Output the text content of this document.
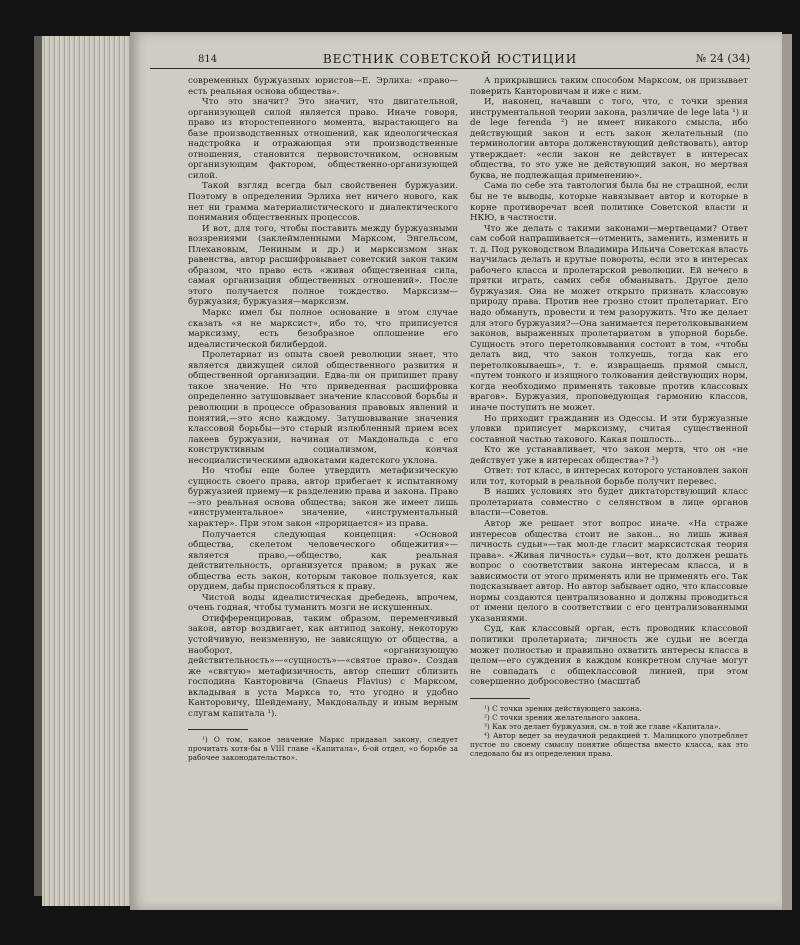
814	ВЕСТНИК СОВЕТСКОЙ ЮСТИЦИИ	№ 24 (34)

современных буржуазных юристов—Е. Эрлиха: «право—есть реальная основа общества».

Что это значит? Это значит, что двигательной, организующей силой является право. Иначе говоря, право из второстепенного момента, вырастающего на базе производственных отношений, как идеологическая надстройка и отражающая эти производственные отношения, становится первоисточником, основным организующим фактором, общественно-организующей силой.

Такой взгляд всегда был свойственен буржуазии. Поэтому в определении Эрлиха нет ничего нового, как нет ни грамма материалистического и диалектического понимания общественных процессов.

И вот, для того, чтобы поставить между буржуазными воззрениями (заклеймленными Марксом, Энгельсом, Плехановым, Лениным и др.) и марксизмом знак равенства, автор расшифровывает советский закон таким образом, что право есть «живая общественная сила, самая организация общественных отношений». После этого получается полное тождество. Марксизм—буржуазия; буржуазия—марксизм.

Маркс имел бы полное основание в этом случае сказать «я не марксист», ибо то, что приписуется марксизму, есть безобразное оплошение его идеалистической билибердой.

Пролетариат из опыта своей революции знает, что является движущей силой общественного развития и общественной организации. Едва-ли он припишет праву такое значение. Но что приведенная расшифровка определенно затушовывает значение классовой борьбы и революции в процессе образования правовых явлений и понятий,—это ясно каждому. Затушовывание значения классовой борьбы—это старый излюбленный прием всех лакеев буржуазии, начиная от Макдональда с его конструктивным социализмом, кончая несоциалистическими адвокатами кадетского уклона.

Но чтобы еще более утвердить метафизическую сущность своего права, автор прибегает к испытанному буржуазией приему—к разделению права и закона. Право—это реальная основа общества; закон же имеет лишь «инструментальное» значение, «инструментальный характер». При этом закон «прорицается» из права.

Получается следующая концепция: «Основой общества, скелетом человеческого общежития»—является право,—общество, как реальная действительность, организуется правом; в руках же общества есть закон, которым таковое пользуется, как орудием, дабы приспособляться к праву.

Чистой воды идеалистическая дребедень, впрочем, очень годная, чтобы туманить мозги не искушенных.

Отифференцировав, таким образом, переменчивый закон, автор воздвигает, как антипод закону, некоторую устойчивую, неизменную, не зависящую от общества, а наоборот, «организующую действительность»—«сущность»—«святое право». Создав же «святую» метафизичность, автор спешит сблизить господина Канторовича (Gnaeus Flavius) с Марксом, вкладывая в уста Маркса то, что угодно и удобно Канторовичу, Шейдеману, Макдональду и иным верным слугам капитала ¹).

¹) О том, какое значение Маркс придавал закону, следует прочитать хотя-бы в VIII главе «Капитала», 6-ой отдел, «о борьбе за рабочее законодательство».

А прикрывшись таким способом Марксом, он призывает поверить Канторовичам и иже с ним.

И, наконец, начавши с того, что, с точки зрения инструментальной теории закона, различие de lege lata ¹) и de lege ferenda ²) не имеет никакого смысла, ибо действующий закон и есть закон желательный (по терминологии автора долженствующий действовать), автор утверждает: «если закон не действует в интересах общества, то это уже не действующий закон, но мертвая буква, не подлежащая применению».

Сама по себе эта тавтология была бы не страшной, если бы не те выводы, которые навязывает автор и которые в корне противоречат всей политике Советской власти и НКЮ, в частности.

Что же делать с такими законами—мертвецами? Ответ сам собой напрашивается—отменить, заменить, изменить и т. д. Под руководством Владимира Ильича Советская власть научилась делать и крутые повороты, если это в интересах рабочего класса и пролетарской революции. Ей нечего в прятки играть, самих себя обманывать. Другое дело буржуазия. Она не может открыто признать классовую природу права. Против нее грозно стоит пролетариат. Его надо обмануть, провести и тем разоружить. Что же делает для этого буржуазия?—Она занимается перетолковыванием законов, выраженных пролетариатом в упорной борьбе. Сущность этого перетолковывания состоит в том, «чтобы делать вид, что закон толкуешь, тогда как его перетолковываешь», т. е. извращаешь прямой смысл, «путем тонкого и изящного толкования действующих норм, когда необходимо применять таковые против классовых врагов». Буржуазия, проповедующая гармонию классов, иначе поступить не может.

Но приходит гражданин из Одессы. И эти буржуазные уловки приписует марксизму, считая существенной составной частью такового. Какая пошлость...

Кто же устанавливает, что закон мертв, что он «не действует уже в интересах общества»? ³)

Ответ: тот класс, в интересах которого установлен закон или тот, который в реальной борьбе получит перевес.

В наших условиях это будет диктаторствующий класс пролетариата совместно с селянством в лице органов власти—Советов.

Автор же решает этот вопрос иначе. «На страже интересов общества стоит не закон... но лишь живая личность судьи»—так мол-де гласит марксистская теория права». «Живая личность» судьи—вот, кто должен решать вопрос о соответствии закона интересам класса, и в зависимости от этого применять или не применять его. Так подсказывает автор. Но автор забывает одно, что классовые нормы создаются централизованно и должны проводиться от имени целого в соответствии с его централизованными указаниями.

Суд, как классовый орган, есть проводник классовой политики пролетариата; личность же судьи не всегда может полностью и правильно охватить интересы класса в целом—его суждения в каждом конкретном случае могут не совпадать с общеклассовой линией, при этом совершенно добросовестно (маcштаб

¹) С точки зрения действующего закона.

²) С точки зрения желательного закона.

³) Как это делает буржуазия, см. в той же главе «Капитала».

⁴) Автор ведет за неудачной редакцией т. Малицкого употребляет пустое по своему смыслу понятие общества вместо класса, как это следовало бы из определения права.
